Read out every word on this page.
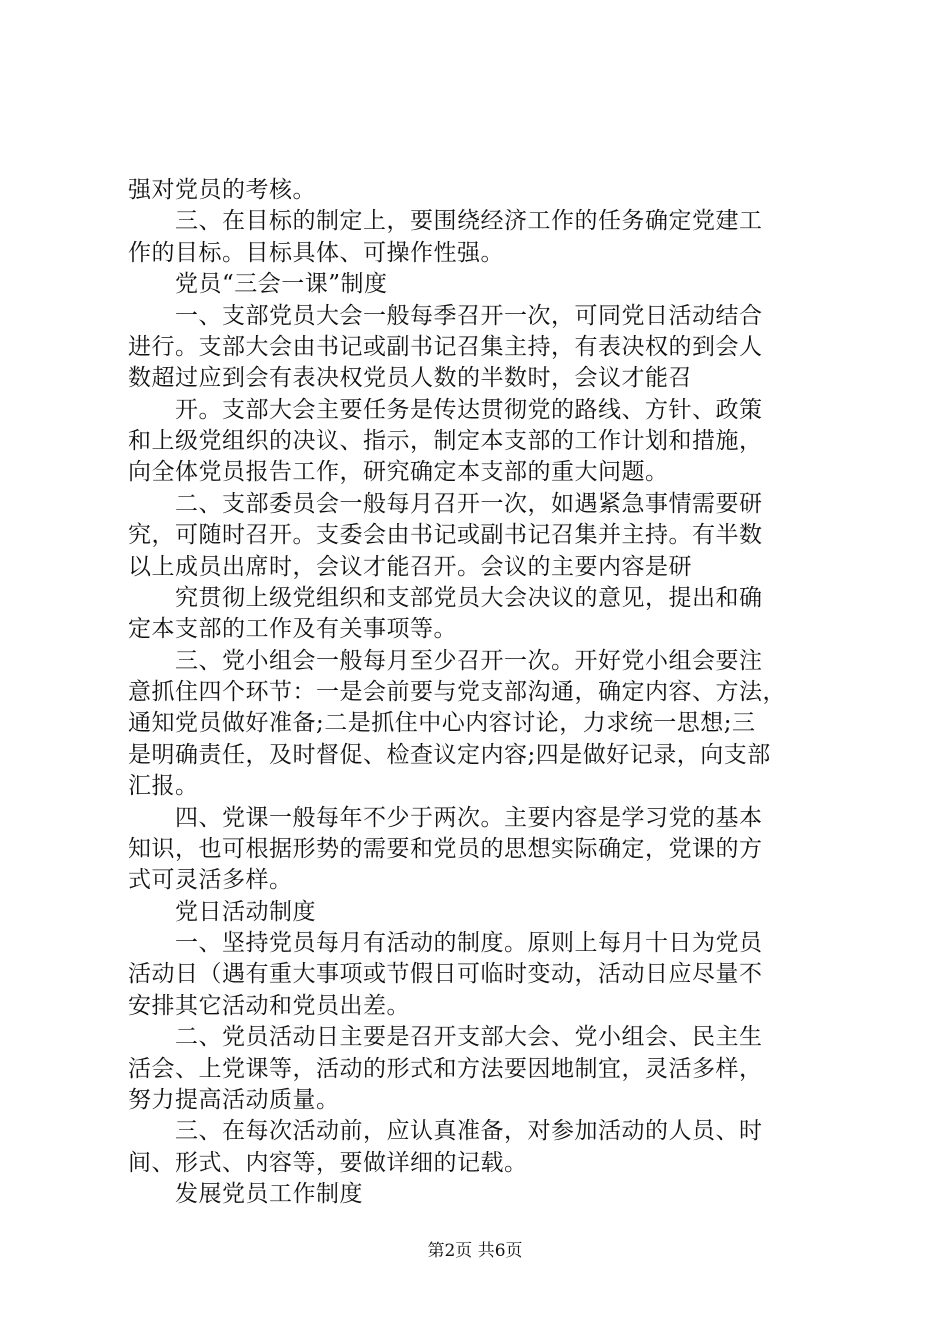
强对党员的考核。
　　三、在目标的制定上，要围绕经济工作的任务确定党建工
作的目标。目标具体、可操作性强。
　　党员“三会一课”制度
　　一、支部党员大会一般每季召开一次，可同党日活动结合
进行。支部大会由书记或副书记召集主持，有表决权的到会人
数超过应到会有表决权党员人数的半数时，会议才能召
　　开。支部大会主要任务是传达贯彻党的路线、方针、政策
和上级党组织的决议、指示，制定本支部的工作计划和措施，
向全体党员报告工作，研究确定本支部的重大问题。
　　二、支部委员会一般每月召开一次，如遇紧急事情需要研
究，可随时召开。支委会由书记或副书记召集并主持。有半数
以上成员出席时，会议才能召开。会议的主要内容是研
　　究贯彻上级党组织和支部党员大会决议的意见，提出和确
定本支部的工作及有关事项等。
　　三、党小组会一般每月至少召开一次。开好党小组会要注
意抓住四个环节：一是会前要与党支部沟通，确定内容、方法，
通知党员做好准备;二是抓住中心内容讨论，力求统一思想;三
是明确责任，及时督促、检查议定内容;四是做好记录，向支部
汇报。
　　四、党课一般每年不少于两次。主要内容是学习党的基本
知识，也可根据形势的需要和党员的思想实际确定，党课的方
式可灵活多样。
　　党日活动制度
　　一、坚持党员每月有活动的制度。原则上每月十日为党员
活动日（遇有重大事项或节假日可临时变动，活动日应尽量不
安排其它活动和党员出差。
　　二、党员活动日主要是召开支部大会、党小组会、民主生
活会、上党课等，活动的形式和方法要因地制宜，灵活多样，
努力提高活动质量。
　　三、在每次活动前，应认真准备，对参加活动的人员、时
间、形式、内容等，要做详细的记载。
　　发展党员工作制度
第2页 共6页
